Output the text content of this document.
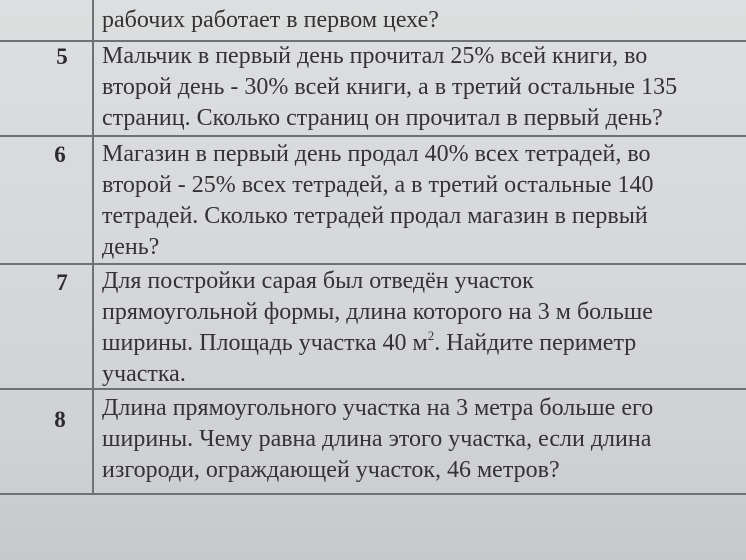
рабочих работает в первом цехе?
5	Мальчик в первый день прочитал 25% всей книги, во
второй день - 30% всей книги, а в третий остальные 135
страниц. Сколько страниц он прочитал в первый день?
6	Магазин в первый день продал 40% всех тетрадей, во
второй - 25% всех тетрадей, а в третий остальные 140
тетрадей. Сколько тетрадей продал магазин в первый
день?
7	Для постройки сарая был отведён участок
прямоугольной формы, длина которого на 3 м больше
ширины. Площадь участка 40 $м^2$. Найдите периметр
участка.
8	Длина прямоугольного участка на 3 метра больше его
ширины. Чему равна длина этого участка, если длина
изгороди, ограждающей участок, 46 метров?
